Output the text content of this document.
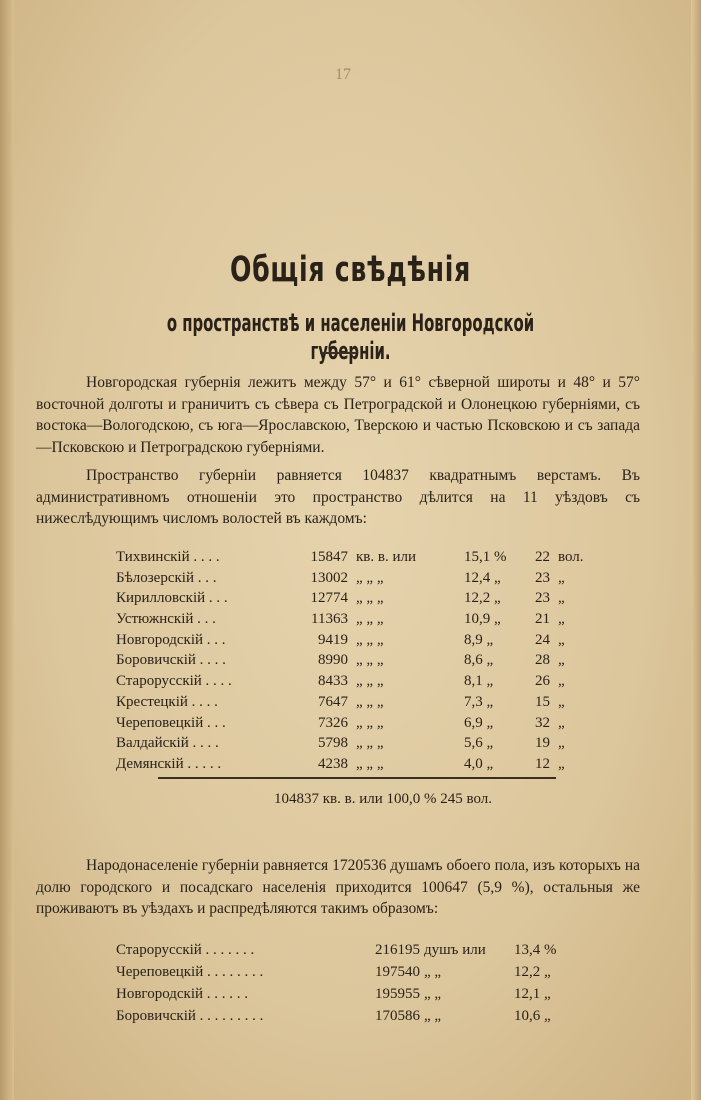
17
Общія свѣдѣнія
о пространствѣ и населеніи Новгородской губерніи.
Новгородская губернія лежитъ между 57° и 61° сѣверной широты и 48° и 57° восточной долготы и граничитъ съ сѣвера съ Петроградской и Олонецкою губерніями, съ востока—Вологодскою, съ юга—Ярославскою, Тверскою и частью Псковскою и съ запада—Псковскою и Петроградскою губерніями.
Пространство губерніи равняется 104837 квадратнымъ верстамъ. Въ административномъ отношеніи это пространство дѣлится на 11 уѣздовъ съ нижеслѣдующимъ числомъ волостей въ каждомъ:
Тихвинскій . . . .	15847 кв. в. или	15,1 %	22 вол.
Бѣлозерскій . . .	13002 „ „ „	12,4 „	23 „
Кирилловскій . . .	12774 „ „ „	12,2 „	23 „
Устюжнскій . . .	11363 „ „ „	10,9 „	21 „
Новгородскій . . .	9419 „ „ „	8,9 „	24 „
Боровичскій . . . .	8990 „ „ „	8,6 „	28 „
Старорусскій . . . .	8433 „ „ „	8,1 „	26 „
Крестецкій . . . .	7647 „ „ „	7,3 „	15 „
Череповецкій . . .	7326 „ „ „	6,9 „	32 „
Валдайскій . . . .	5798 „ „ „	5,6 „	19 „
Демянскій . . . . .	4238 „ „ „	4,0 „	12 „
104837 кв. в. или 100,0 % 245 вол.
Народонаселеніе губерніи равняется 1720536 душамъ обоего пола, изъ которыхъ на долю городского и посадскаго населенія приходится 100647 (5,9 %), остальныя же проживаютъ въ уѣздахъ и распредѣляются такимъ образомъ:
Старорусскій . . . . . . .	216195 душъ или 13,4 %
Череповецкій . . . . . . . .	197540 „ „	12,2 „
Новгородскій . . . . . .	195955 „ „	12,1 „
Боровичскій . . . . . . . . .	170586 „ „	10,6 „
